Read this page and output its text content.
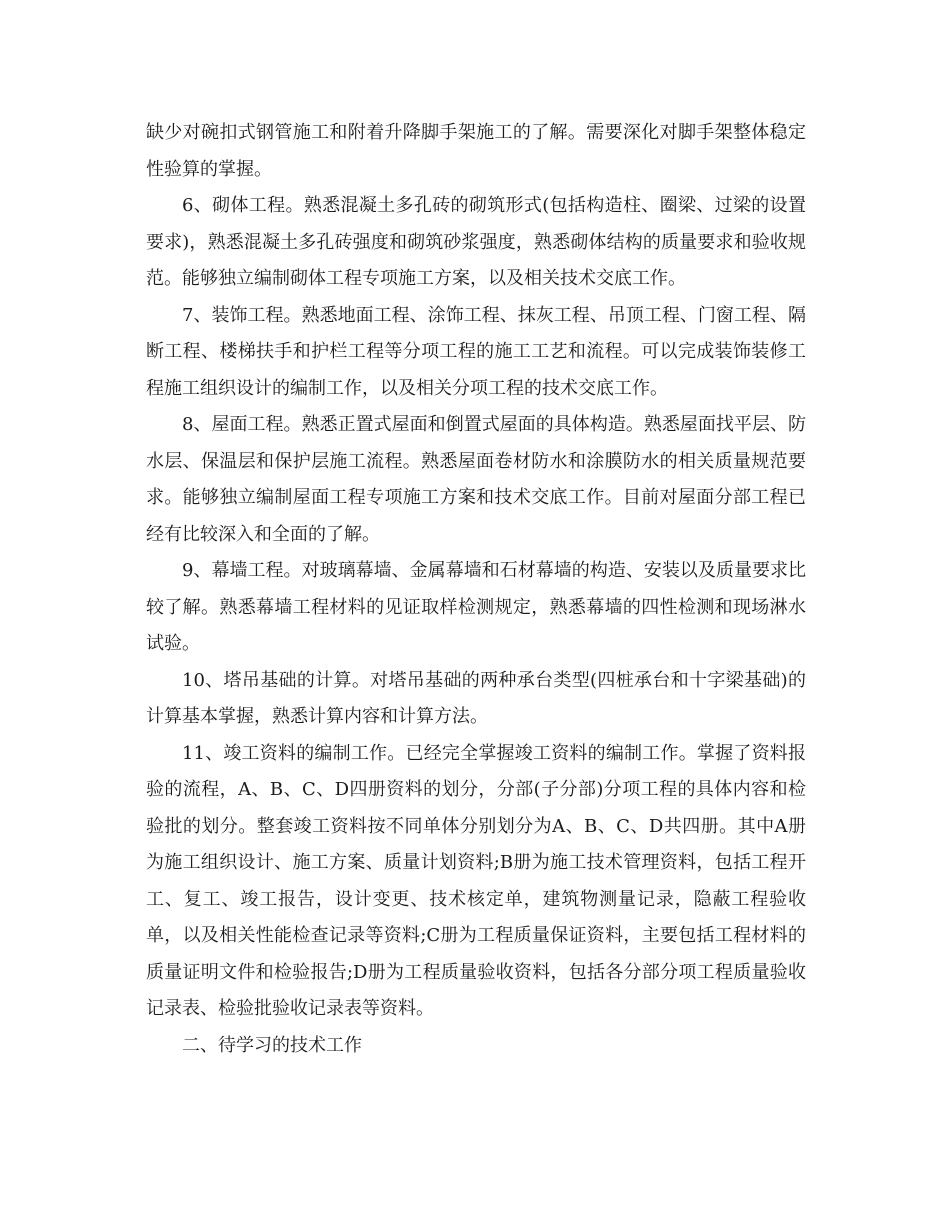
缺少对碗扣式钢管施工和附着升降脚手架施工的了解。需要深化对脚手架整体稳定性验算的掌握。

6、砌体工程。熟悉混凝土多孔砖的砌筑形式(包括构造柱、圈梁、过梁的设置要求)，熟悉混凝土多孔砖强度和砌筑砂浆强度，熟悉砌体结构的质量要求和验收规范。能够独立编制砌体工程专项施工方案，以及相关技术交底工作。

7、装饰工程。熟悉地面工程、涂饰工程、抹灰工程、吊顶工程、门窗工程、隔断工程、楼梯扶手和护栏工程等分项工程的施工工艺和流程。可以完成装饰装修工程施工组织设计的编制工作，以及相关分项工程的技术交底工作。

8、屋面工程。熟悉正置式屋面和倒置式屋面的具体构造。熟悉屋面找平层、防水层、保温层和保护层施工流程。熟悉屋面卷材防水和涂膜防水的相关质量规范要求。能够独立编制屋面工程专项施工方案和技术交底工作。目前对屋面分部工程已经有比较深入和全面的了解。

9、幕墙工程。对玻璃幕墙、金属幕墙和石材幕墙的构造、安装以及质量要求比较了解。熟悉幕墙工程材料的见证取样检测规定，熟悉幕墙的四性检测和现场淋水试验。

10、塔吊基础的计算。对塔吊基础的两种承台类型(四桩承台和十字梁基础)的计算基本掌握，熟悉计算内容和计算方法。

11、竣工资料的编制工作。已经完全掌握竣工资料的编制工作。掌握了资料报验的流程，A、B、C、D四册资料的划分，分部(子分部)分项工程的具体内容和检验批的划分。整套竣工资料按不同单体分别划分为A、B、C、D共四册。其中A册为施工组织设计、施工方案、质量计划资料;B册为施工技术管理资料，包括工程开工、复工、竣工报告，设计变更、技术核定单，建筑物测量记录，隐蔽工程验收单，以及相关性能检查记录等资料;C册为工程质量保证资料，主要包括工程材料的质量证明文件和检验报告;D册为工程质量验收资料，包括各分部分项工程质量验收记录表、检验批验收记录表等资料。

二、待学习的技术工作
